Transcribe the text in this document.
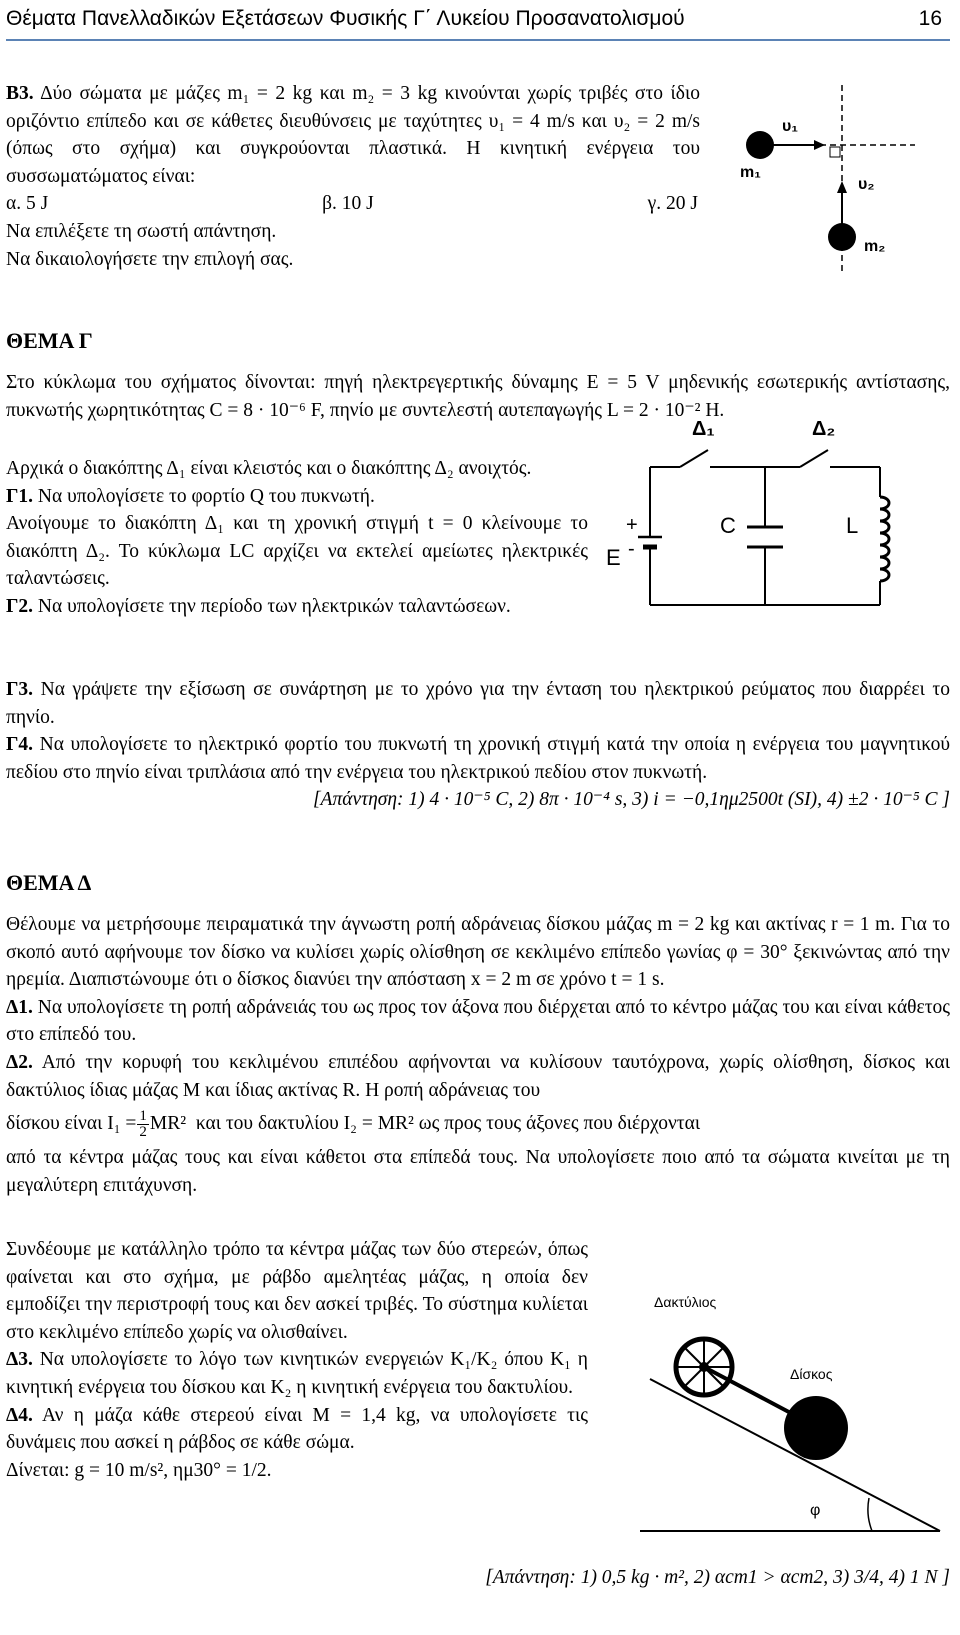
Θέματα Πανελλαδικών Εξετάσεων Φυσικής Γ΄ Λυκείου Προσανατολισμού	16

Β3. Δύο σώματα με μάζες m₁ = 2 kg και m₂ = 3 kg κινούνται χωρίς τριβές στο ίδιο οριζόντιο επίπεδο και σε κάθετες διευθύνσεις με ταχύτητες υ₁ = 4 m/s και υ₂ = 2 m/s (όπως στο σχήμα) και συγκρούονται πλαστικά. Η κινητική ενέργεια του συσσωματώματος είναι:

α. 5 J	β. 10 J	γ. 20 J

Να επιλέξετε τη σωστή απάντηση.

Να δικαιολογήσετε την επιλογή σας.

m₁
υ₁
υ₂
m₂
ΘΕΜΑ Γ

Στο κύκλωμα του σχήματος δίνονται: πηγή ηλεκτρεγερτικής δύναμης E = 5 V μηδενικής εσωτερικής αντίστασης, πυκνωτής χωρητικότητας C = 8 · 10⁻⁶ F, πηνίο με συντελεστή αυτεπαγωγής L = 2 · 10⁻² H.

Αρχικά ο διακόπτης Δ₁ είναι κλειστός και ο διακόπτης Δ₂ ανοιχτός.

Γ1. Να υπολογίσετε το φορτίο Q του πυκνωτή.

Ανοίγουμε το διακόπτη Δ₁ και τη χρονική στιγμή t = 0 κλείνουμε το διακόπτη Δ₂. Το κύκλωμα LC αρχίζει να εκτελεί αμείωτες ηλεκτρικές ταλαντώσεις.

Γ2. Να υπολογίσετε την περίοδο των ηλεκτρικών ταλαντώσεων.

Δ₁	Δ₂
+
-
E
C	L

Γ3. Να γράψετε την εξίσωση σε συνάρτηση με το χρόνο για την ένταση του ηλεκτρικού ρεύματος που διαρρέει το πηνίο.

Γ4. Να υπολογίσετε το ηλεκτρικό φορτίο του πυκνωτή τη χρονική στιγμή κατά την οποία η ενέργεια του μαγνητικού πεδίου στο πηνίο είναι τριπλάσια από την ενέργεια του ηλεκτρικού πεδίου στον πυκνωτή.

[Απάντηση: 1) 4 · 10⁻⁵ C, 2) 8π · 10⁻⁴ s, 3) i = −0,1ημ2500t (SI), 4) ±2 · 10⁻⁵ C ]

ΘΕΜΑ Δ

Θέλουμε να μετρήσουμε πειραματικά την άγνωστη ροπή αδράνειας δίσκου μάζας m = 2 kg και ακτίνας r = 1 m. Για το σκοπό αυτό αφήνουμε τον δίσκο να κυλίσει χωρίς ολίσθηση σε κεκλιμένο επίπεδο γωνίας φ = 30° ξεκινώντας από την ηρεμία. Διαπιστώνουμε ότι ο δίσκος διανύει την απόσταση x = 2 m σε χρόνο t = 1 s.

Δ1. Να υπολογίσετε τη ροπή αδράνειάς του ως προς τον άξονα που διέρχεται από το κέντρο μάζας του και είναι κάθετος στο επίπεδό του.

Δ2. Από την κορυφή του κεκλιμένου επιπέδου αφήνονται να κυλίσουν ταυτόχρονα, χωρίς ολίσθηση, δίσκος και δακτύλιος ίδιας μάζας M και ίδιας ακτίνας R. Η ροπή αδράνειας του

δίσκου είναι $I_1 = \frac{1}{2} MR^2$ και του δακτυλίου I₂ = MR² ως προς τους άξονες που διέρχονται

από τα κέντρα μάζας τους και είναι κάθετοι στα επίπεδά τους. Να υπολογίσετε ποιο από τα σώματα κινείται με τη μεγαλύτερη επιτάχυνση.

Συνδέουμε με κατάλληλο τρόπο τα κέντρα μάζας των δύο στερεών, όπως φαίνεται και στο σχήμα, με ράβδο αμελητέας μάζας, η οποία δεν εμποδίζει την περιστροφή τους και δεν ασκεί τριβές. Το σύστημα κυλίεται στο κεκλιμένο επίπεδο χωρίς να ολισθαίνει.

Δ3. Να υπολογίσετε το λόγο των κινητικών ενεργειών K₁/K₂ όπου K₁ η κινητική ενέργεια του δίσκου και K₂ η κινητική ενέργεια του δακτυλίου.

Δ4. Αν η μάζα κάθε στερεού είναι M = 1,4 kg, να υπολογίσετε τις δυνάμεις που ασκεί η ράβδος σε κάθε σώμα.

Δίνεται: g = 10 m/s², ημ30° = 1/2.

Δακτύλιος
Δίσκος
φ

[Απάντηση: 1) 0,5 kg · m², 2) αcm1 > αcm2, 3) 3/4, 4) 1 N ]
